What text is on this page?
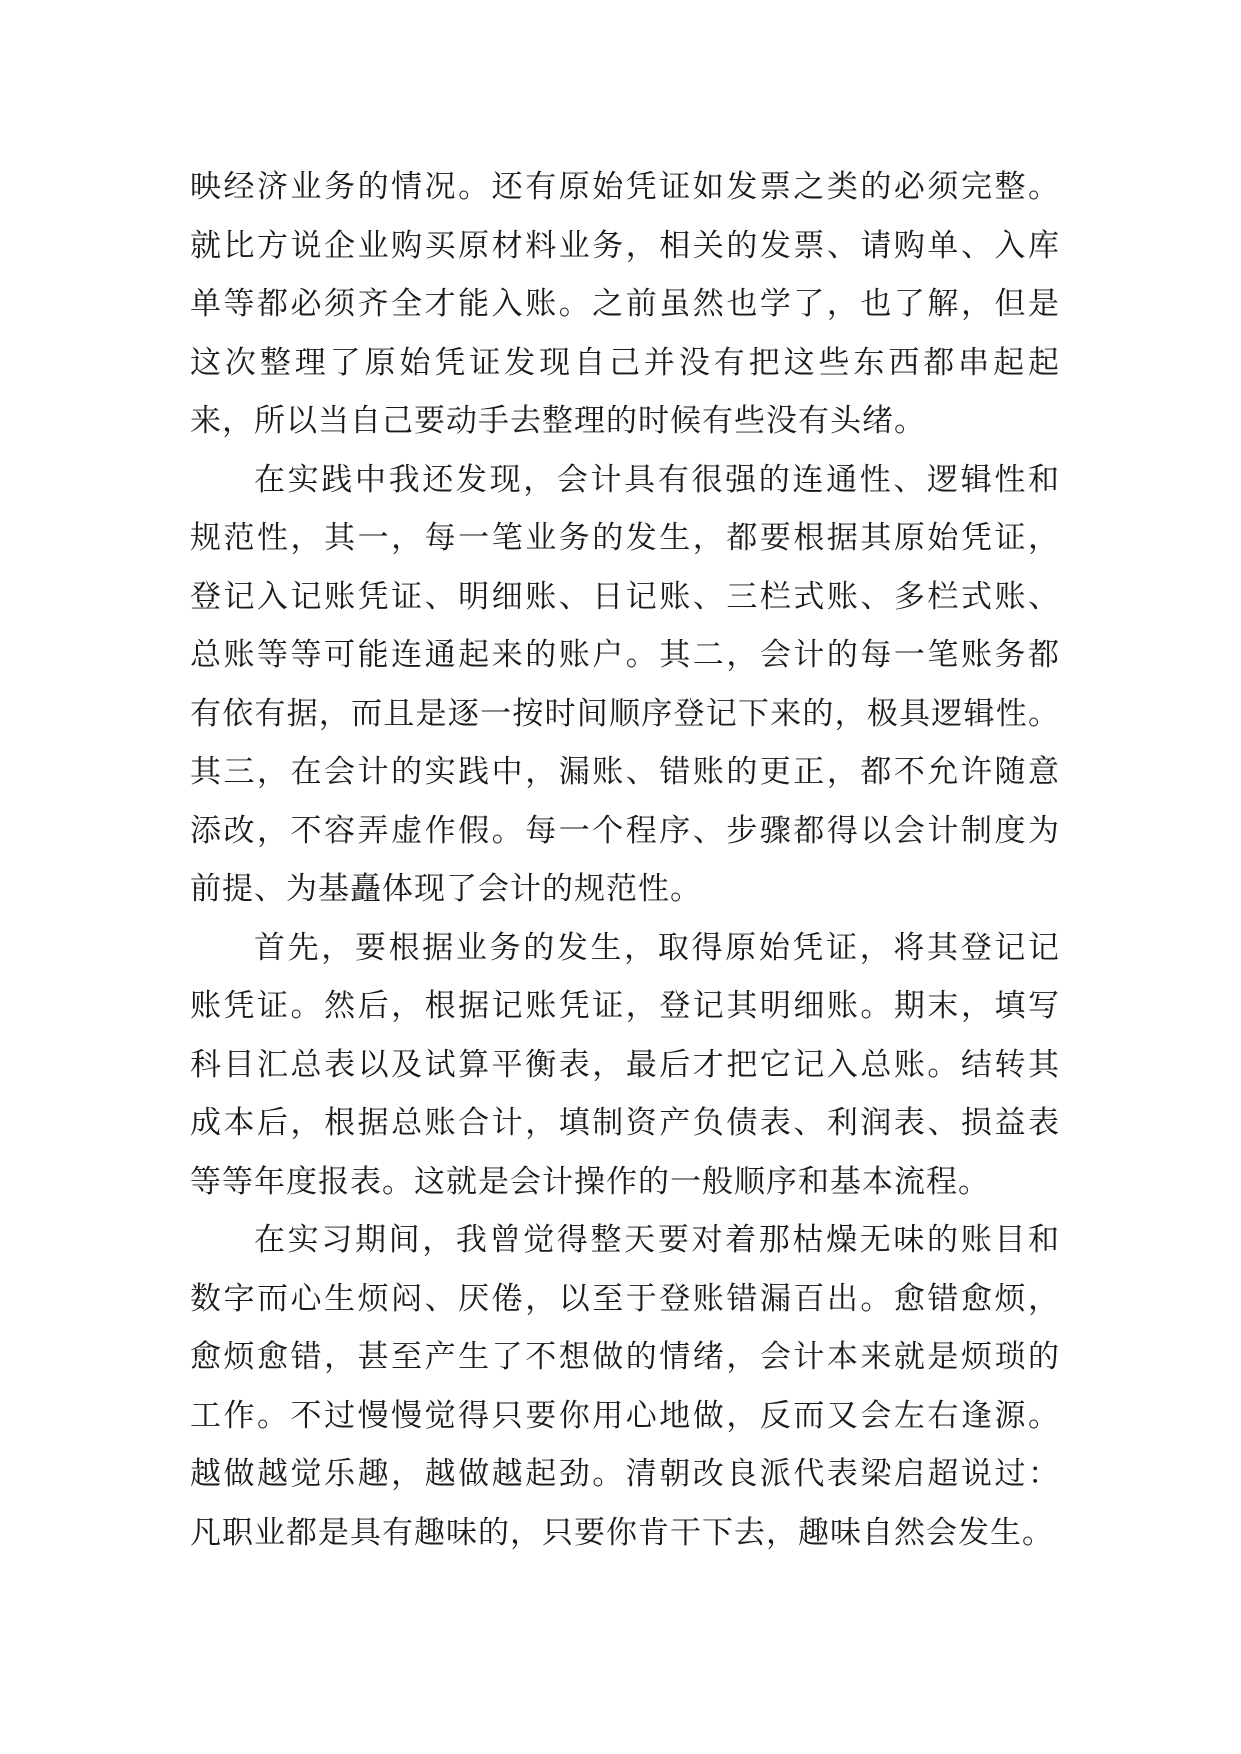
映经济业务的情况。还有原始凭证如发票之类的必须完整。
就比方说企业购买原材料业务，相关的发票、请购单、入库
单等都必须齐全才能入账。之前虽然也学了，也了解，但是
这次整理了原始凭证发现自己并没有把这些东西都串起起
来，所以当自己要动手去整理的时候有些没有头绪。
在实践中我还发现，会计具有很强的连通性、逻辑性和
规范性，其一，每一笔业务的发生，都要根据其原始凭证，
登记入记账凭证、明细账、日记账、三栏式账、多栏式账、
总账等等可能连通起来的账户。其二，会计的每一笔账务都
有依有据，而且是逐一按时间顺序登记下来的，极具逻辑性。
其三，在会计的实践中，漏账、错账的更正，都不允许随意
添改，不容弄虚作假。每一个程序、步骤都得以会计制度为
前提、为基矗体现了会计的规范性。
首先，要根据业务的发生，取得原始凭证，将其登记记
账凭证。然后，根据记账凭证，登记其明细账。期末，填写
科目汇总表以及试算平衡表，最后才把它记入总账。结转其
成本后，根据总账合计，填制资产负债表、利润表、损益表
等等年度报表。这就是会计操作的一般顺序和基本流程。
在实习期间，我曾觉得整天要对着那枯燥无味的账目和
数字而心生烦闷、厌倦，以至于登账错漏百出。愈错愈烦，
愈烦愈错，甚至产生了不想做的情绪，会计本来就是烦琐的
工作。不过慢慢觉得只要你用心地做，反而又会左右逢源。
越做越觉乐趣，越做越起劲。清朝改良派代表梁启超说过：
凡职业都是具有趣味的，只要你肯干下去，趣味自然会发生。
